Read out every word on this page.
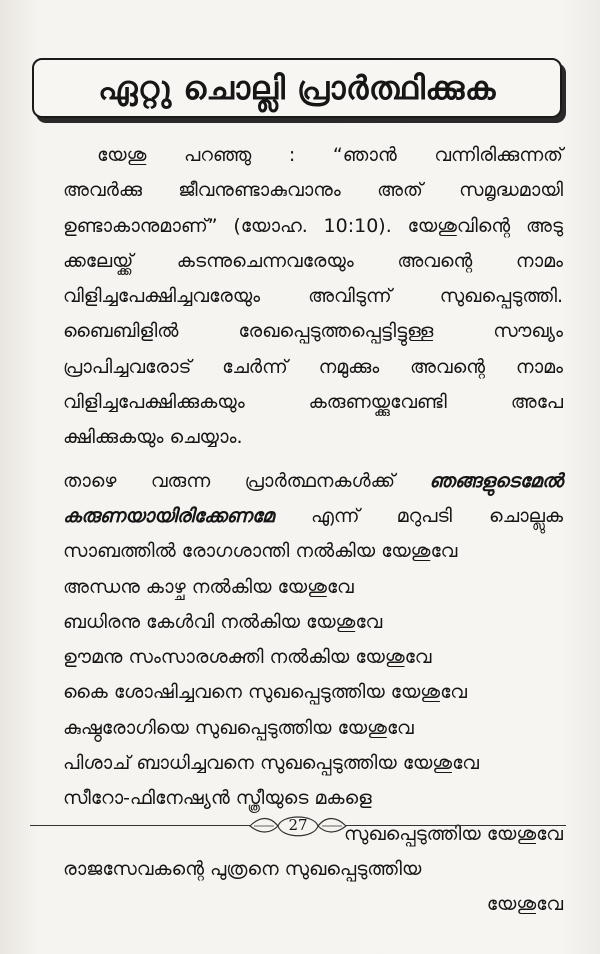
ഏറ്റു ചൊല്ലി പ്രാർത്ഥിക്കുക
യേശു പറഞ്ഞു : “ഞാൻ വന്നിരിക്കുന്നത്
അവർക്കു ജീവനുണ്ടാകുവാനും അത് സമൃദ്ധമായി
ഉണ്ടാകാനുമാണ്” (യോഹ. 10:10). യേശുവിന്റെ അടു
ക്കലേയ്ക്ക് കടന്നുചെന്നവരേയും അവന്റെ നാമം
വിളിച്ചപേക്ഷിച്ചവരേയും അവിടുന്ന് സുഖപ്പെടുത്തി.
ബൈബിളിൽ രേഖപ്പെടുത്തപ്പെട്ടിട്ടുള്ള സൗഖ്യം
പ്രാപിച്ചവരോട് ചേർന്ന് നമുക്കും അവന്റെ നാമം
വിളിച്ചപേക്ഷിക്കുകയും കരുണയ്ക്കുവേണ്ടി അപേ
ക്ഷിക്കുകയും ചെയ്യാം.
താഴെ വരുന്ന പ്രാർത്ഥനകൾക്ക് ഞങ്ങളുടെമേൽ
കരുണയായിരിക്കേണമേ എന്ന് മറുപടി ചൊല്ലുക
സാബത്തിൽ രോഗശാന്തി നൽകിയ യേശുവേ
അന്ധനു കാഴ്ച നൽകിയ യേശുവേ
ബധിരനു കേൾവി നൽകിയ യേശുവേ
ഊമനു സംസാരശക്തി നൽകിയ യേശുവേ
കൈ ശോഷിച്ചവനെ സുഖപ്പെടുത്തിയ യേശുവേ
കുഷ്ഠരോഗിയെ സുഖപ്പെടുത്തിയ യേശുവേ
പിശാച് ബാധിച്ചവനെ സുഖപ്പെടുത്തിയ യേശുവേ
സീറോ-ഫിനേഷ്യൻ സ്ത്രീയുടെ മകളെ
സുഖപ്പെടുത്തിയ യേശുവേ
രാജസേവകന്റെ പുത്രനെ സുഖപ്പെടുത്തിയ
യേശുവേ
27
